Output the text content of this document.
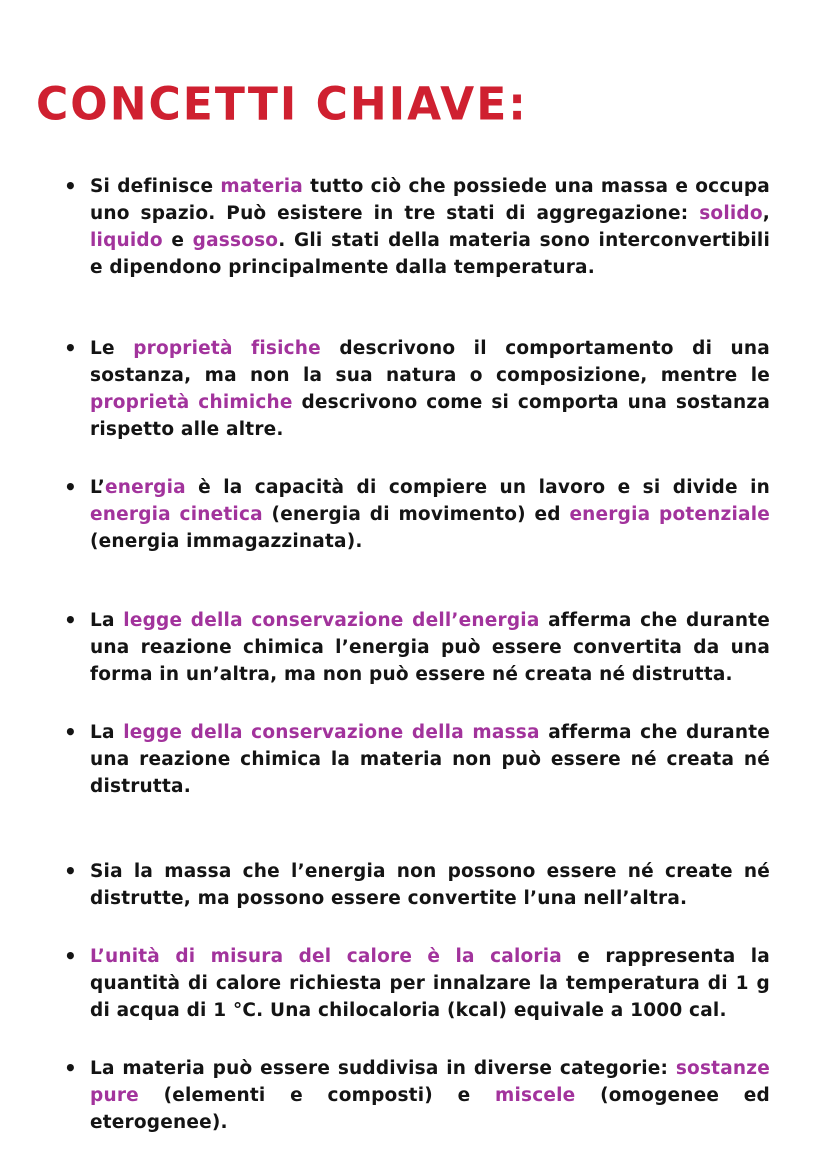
CONCETTI CHIAVE:
• Si definisce materia tutto ciò che possiede una massa e occupa uno spazio. Può esistere in tre stati di aggregazione: solido, liquido e gassoso. Gli stati della materia sono interconvertibili e dipendono principalmente dalla temperatura.
• Le proprietà fisiche descrivono il comportamento di una sostanza, ma non la sua natura o composizione, mentre le proprietà chimiche descrivono come si comporta una sostanza rispetto alle altre.
• L’energia è la capacità di compiere un lavoro e si divide in energia cinetica (energia di movimento) ed energia potenziale (energia immagazzinata).
• La legge della conservazione dell’energia afferma che durante una reazione chimica l’energia può essere convertita da una forma in un’altra, ma non può essere né creata né distrutta.
• La legge della conservazione della massa afferma che durante una reazione chimica la materia non può essere né creata né distrutta.
• Sia la massa che l’energia non possono essere né create né distrutte, ma possono essere convertite l’una nell’altra.
• L’unità di misura del calore è la caloria e rappresenta la quantità di calore richiesta per innalzare la temperatura di 1 g di acqua di 1 °C. Una chilocaloria (kcal) equivale a 1000 cal.
• La materia può essere suddivisa in diverse categorie: sostanze pure (elementi e composti) e miscele (omogenee ed eterogenee).
